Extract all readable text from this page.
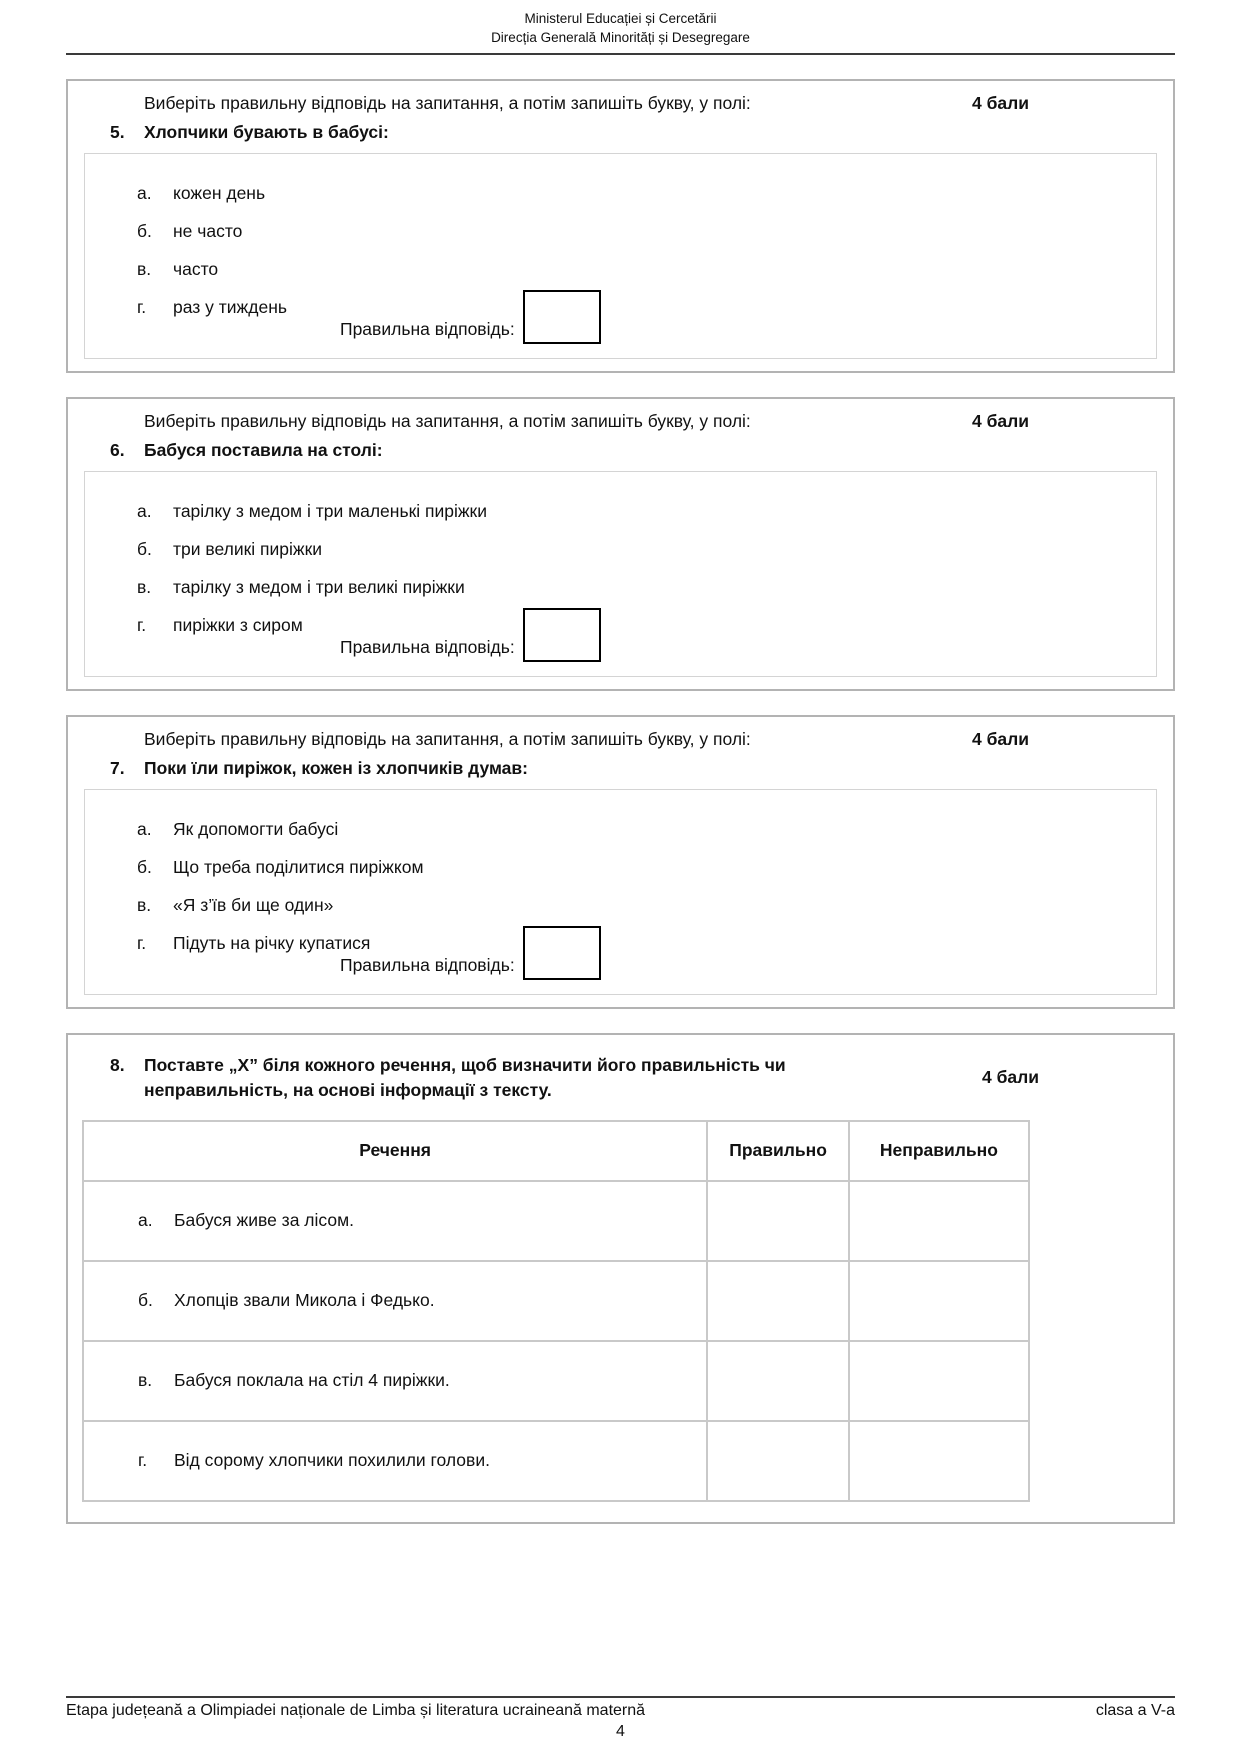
Ministerul Educației și Cercetării
Direcția Generală Minorități și Desegregare
Виберіть правильну відповідь на запитання, а потім запишіть букву, у полі:	4 бали
5.	Хлопчики бувають в бабусі:
а.	кожен день
б.	не часто
в.	часто
г.	раз у тиждень
Правильна відповідь:
Виберіть правильну відповідь на запитання, а потім запишіть букву, у полі:	4 бали
6.	Бабуся поставила на столі:
а.	тарілку з медом і три маленькі пиріжки
б.	три великі пиріжки
в.	тарілку з медом і три великі пиріжки
г.	пиріжки з сиром
Правильна відповідь:
Виберіть правильну відповідь на запитання, а потім запишіть букву, у полі:	4 бали
7.	Поки їли пиріжок, кожен із хлопчиків думав:
а.	Як допомогти бабусі
б.	Що треба поділитися пиріжком
в.	«Я з’їв би ще один»
г.	Підуть на річку купатися
Правильна відповідь:
8.	Поставте „Х” біля кожного речення, щоб визначити його правильність чи неправильність, на основі інформації з тексту.
4 бали
Речення	Правильно	Неправильно
а. Бабуся живе за лісом.		
б. Хлопців звали Микола і Федько.		
в. Бабуся поклала на стіл 4 пиріжки.		
г. Від сорому хлопчики похилили голови.		
Etapa județeană a Olimpiadei naționale de Limba și literatura ucraineană maternă	clasa a V-a
4
